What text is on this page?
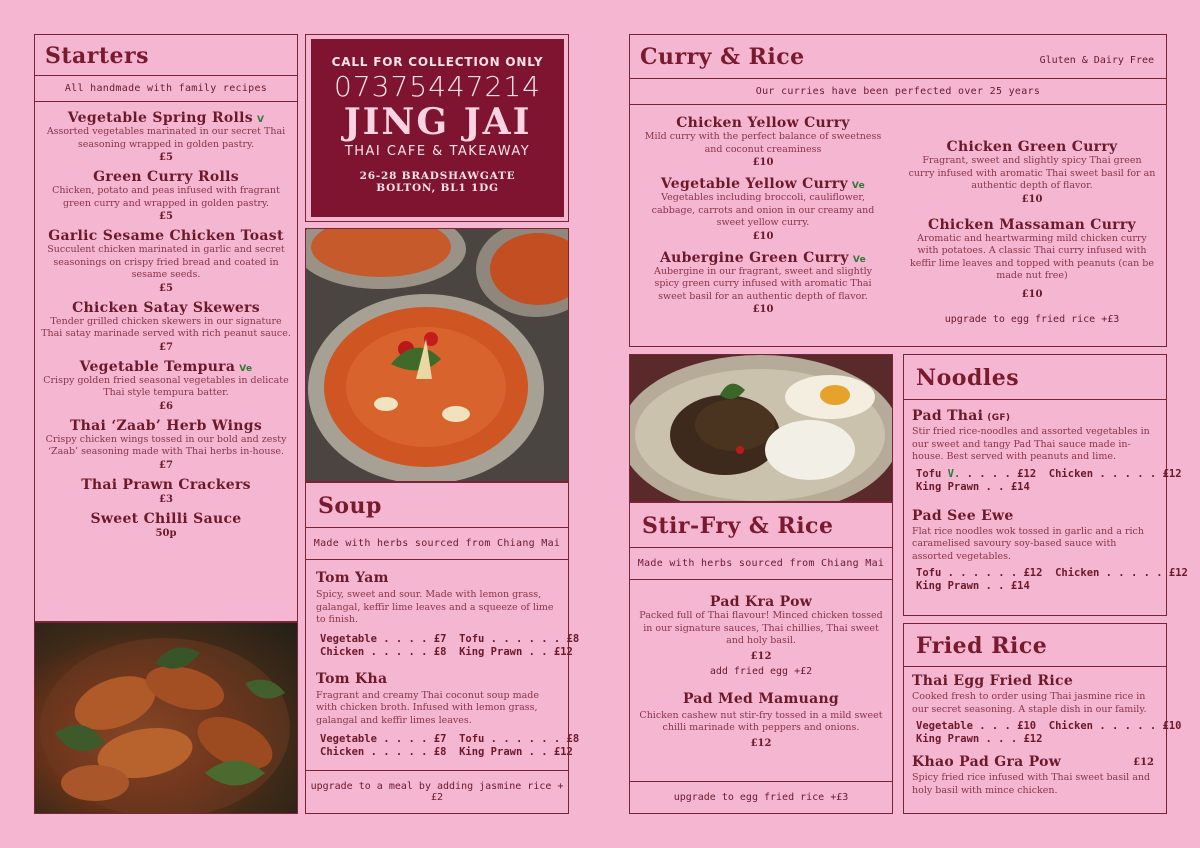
Starters
All handmade with family recipes
Vegetable Spring Rolls V
Assorted vegetables marinated in our secret Thai seasoning wrapped in golden pastry.
£5
Green Curry Rolls
Chicken, potato and peas infused with fragrant green curry and wrapped in golden pastry.
£5
Garlic Sesame Chicken Toast
Succulent chicken marinated in garlic and secret seasonings on crispy fried bread and coated in sesame seeds.
£5
Chicken Satay Skewers
Tender grilled chicken skewers in our signature Thai satay marinade served with rich peanut sauce.
£7
Vegetable Tempura Ve
Crispy golden fried seasonal vegetables in delicate Thai style tempura batter.
£6
Thai ‘Zaab’ Herb Wings
Crispy chicken wings tossed in our bold and zesty ‘Zaab’ seasoning made with Thai herbs in-house.
£7
Thai Prawn Crackers
£3
Sweet Chilli Sauce
50p
CALL FOR COLLECTION ONLY
07375447214
JING JAI
THAI CAFE & TAKEAWAY
26-28 BRADSHAWGATE
BOLTON, BL1 1DG
Soup
Made with herbs sourced from Chiang Mai
Tom Yam
Spicy, sweet and sour. Made with lemon grass, galangal, keffir lime leaves and a squeeze of lime to finish.
Vegetable . . . . £7  Tofu . . . . . . £8
Chicken . . . . . £8  King Prawn . . £12
Tom Kha
Fragrant and creamy Thai coconut soup made with chicken broth. Infused with lemon grass, galangal and keffir limes leaves.
Vegetable . . . . £7  Tofu . . . . . . £8
Chicken . . . . . £8  King Prawn . . £12
upgrade to a meal by adding jasmine rice +£2
Curry & Rice	Gluten & Dairy Free
Our curries have been perfected over 25 years
Chicken Yellow Curry
Mild curry with the perfect balance of sweetness and coconut creaminess
£10
Vegetable Yellow Curry Ve
Vegetables including broccoli, cauliflower, cabbage, carrots and onion in our creamy and sweet yellow curry.
£10
Aubergine Green Curry Ve
Aubergine in our fragrant, sweet and slightly spicy green curry infused with aromatic Thai sweet basil for an authentic depth of flavor.
£10
Chicken Green Curry
Fragrant, sweet and slightly spicy Thai green curry infused with aromatic Thai sweet basil for an authentic depth of flavor.
£10
Chicken Massaman Curry
Aromatic and heartwarming mild chicken curry with potatoes. A classic Thai curry infused with keffir lime leaves and topped with peanuts (can be made nut free)
£10
upgrade to egg fried rice +£3
Stir-Fry & Rice
Made with herbs sourced from Chiang Mai
Pad Kra Pow
Packed full of Thai flavour! Minced chicken tossed in our signature sauces, Thai chillies, Thai sweet and holy basil.
£12
add fried egg +£2
Pad Med Mamuang
Chicken cashew nut stir-fry tossed in a mild sweet chilli marinade with peppers and onions.
£12
upgrade to egg fried rice +£3
Noodles
Pad Thai (GF)
Stir fried rice-noodles and assorted vegetables in our sweet and tangy Pad Thai sauce made in-house. Best served with peanuts and lime.
Tofu V. . . . . £12  Chicken . . . . . £12
King Prawn . . £14
Pad See Ewe
Flat rice noodles wok tossed in garlic and a rich caramelised savoury soy-based sauce with assorted vegetables.
Tofu . . . . . . £12  Chicken . . . . . £12
King Prawn . . £14
Fried Rice
Thai Egg Fried Rice
Cooked fresh to order using Thai jasmine rice in our secret seasoning. A staple dish in our family.
Vegetable . . . £10  Chicken . . . . . £10
King Prawn . . . £12
Khao Pad Gra Pow	£12
Spicy fried rice infused with Thai sweet basil and holy basil with mince chicken.
